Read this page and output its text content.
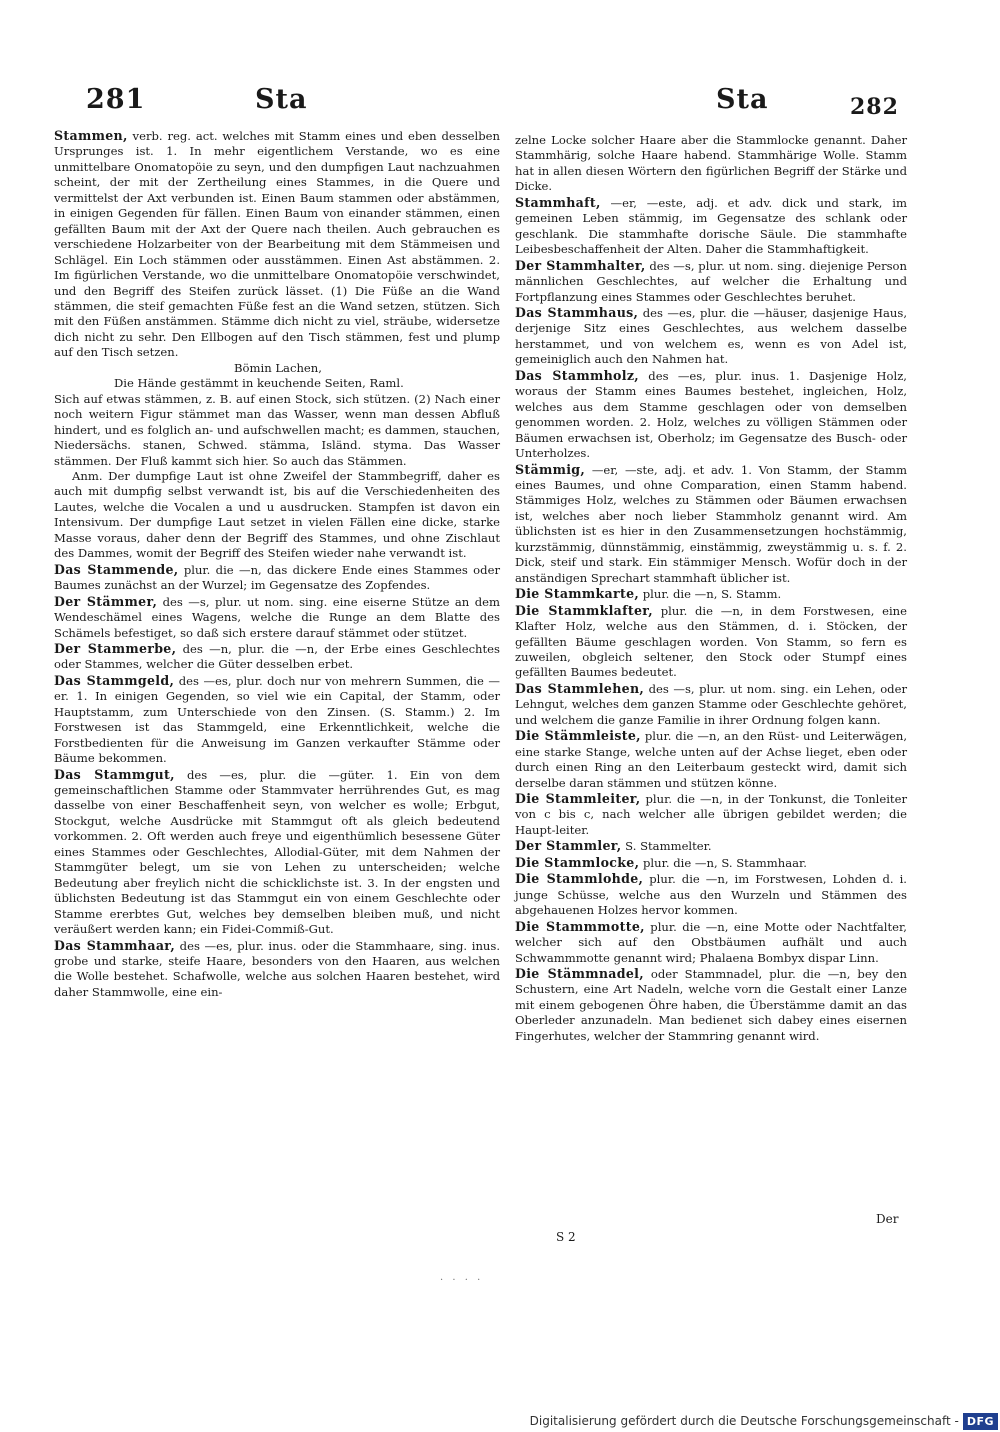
281	Sta	Sta	282

Stammen, verb. reg. act. welches mit Stamm eines und eben desselben Ursprunges ist. 1. In mehr eigentlichem Verstande, wo es eine unmittelbare Onomatopöie zu seyn, und den dumpfigen Laut nachzuahmen scheint, der mit der Zertheilung eines Stammes, in die Quere und vermittelst der Axt verbunden ist. Einen Baum stammen oder abstämmen, in einigen Gegenden für fällen. Einen Baum von einander stämmen, einen gefällten Baum mit der Axt der Quere nach theilen. Auch gebrauchen es verschiedene Holzarbeiter von der Bearbeitung mit dem Stämmeisen und Schlägel. Ein Loch stämmen oder ausstämmen. Einen Ast abstämmen. 2. Im figürlichen Verstande, wo die unmittelbare Onomatopöie verschwindet, und den Begriff des Steifen zurück lässet. (1) Die Füße an die Wand stämmen, die steif gemachten Füße fest an die Wand setzen, stützen. Sich mit den Füßen anstämmen. Stämme dich nicht zu viel, sträube, widersetze dich nicht zu sehr. Den Ellbogen auf den Tisch stämmen, fest und plump auf den Tisch setzen.

Bömin Lachen,

Die Hände gestämmt in keuchende Seiten, Raml.

Sich auf etwas stämmen, z. B. auf einen Stock, sich stützen. (2) Nach einer noch weitern Figur stämmet man das Wasser, wenn man dessen Abfluß hindert, und es folglich an- und aufschwellen macht; es dammen, stauchen, Niedersächs. stanen, Schwed. stämma, Isländ. styma. Das Wasser stämmen. Der Fluß kammt sich hier. So auch das Stämmen.

Anm. Der dumpfige Laut ist ohne Zweifel der Stammbegriff, daher es auch mit dumpfig selbst verwandt ist, bis auf die Verschiedenheiten des Lautes, welche die Vocalen a und u ausdrucken. Stampfen ist davon ein Intensivum. Der dumpfige Laut setzet in vielen Fällen eine dicke, starke Masse voraus, daher denn der Begriff des Stammes, und ohne Zischlaut des Dammes, womit der Begriff des Steifen wieder nahe verwandt ist.

Das Stammende, plur. die —n, das dickere Ende eines Stammes oder Baumes zunächst an der Wurzel; im Gegensatze des Zopfendes.

Der Stämmer, des —s, plur. ut nom. sing. eine eiserne Stütze an dem Wendeschämel eines Wagens, welche die Runge an dem Blatte des Schämels befestiget, so daß sich erstere darauf stämmet oder stützet.

Der Stammerbe, des —n, plur. die —n, der Erbe eines Geschlechtes oder Stammes, welcher die Güter desselben erbet.

Das Stammgeld, des —es, plur. doch nur von mehrern Summen, die —er. 1. In einigen Gegenden, so viel wie ein Capital, der Stamm, oder Hauptstamm, zum Unterschiede von den Zinsen. (S. Stamm.) 2. Im Forstwesen ist das Stammgeld, eine Erkenntlichkeit, welche die Forstbedienten für die Anweisung im Ganzen verkaufter Stämme oder Bäume bekommen.

Das Stammgut, des —es, plur. die —güter. 1. Ein von dem gemeinschaftlichen Stamme oder Stammvater herrührendes Gut, es mag dasselbe von einer Beschaffenheit seyn, von welcher es wolle; Erbgut, Stockgut, welche Ausdrücke mit Stammgut oft als gleich bedeutend vorkommen. 2. Oft werden auch freye und eigenthümlich besessene Güter eines Stammes oder Geschlechtes, Allodial-Güter, mit dem Nahmen der Stammgüter belegt, um sie von Lehen zu unterscheiden; welche Bedeutung aber freylich nicht die schicklichste ist. 3. In der engsten und üblichsten Bedeutung ist das Stammgut ein von einem Geschlechte oder Stamme ererbtes Gut, welches bey demselben bleiben muß, und nicht veräußert werden kann; ein Fidei-Commiß-Gut.

Das Stammhaar, des —es, plur. inus. oder die Stammhaare, sing. inus. grobe und starke, steife Haare, besonders von den Haaren, aus welchen die Wolle bestehet. Schafwolle, welche aus solchen Haaren bestehet, wird daher Stammwolle, eine ein-

zelne Locke solcher Haare aber die Stammlocke genannt. Daher Stammhärig, solche Haare habend. Stammhärige Wolle. Stamm hat in allen diesen Wörtern den figürlichen Begriff der Stärke und Dicke.

Stammhaft, —er, —este, adj. et adv. dick und stark, im gemeinen Leben stämmig, im Gegensatze des schlank oder geschlank. Die stammhafte dorische Säule. Die stammhafte Leibesbeschaffenheit der Alten. Daher die Stammhaftigkeit.

Der Stammhalter, des —s, plur. ut nom. sing. diejenige Person männlichen Geschlechtes, auf welcher die Erhaltung und Fortpflanzung eines Stammes oder Geschlechtes beruhet.

Das Stammhaus, des —es, plur. die —häuser, dasjenige Haus, derjenige Sitz eines Geschlechtes, aus welchem dasselbe herstammet, und von welchem es, wenn es von Adel ist, gemeiniglich auch den Nahmen hat.

Das Stammholz, des —es, plur. inus. 1. Dasjenige Holz, woraus der Stamm eines Baumes bestehet, ingleichen, Holz, welches aus dem Stamme geschlagen oder von demselben genommen worden. 2. Holz, welches zu völligen Stämmen oder Bäumen erwachsen ist, Oberholz; im Gegensatze des Busch- oder Unterholzes.

Stämmig, —er, —ste, adj. et adv. 1. Von Stamm, der Stamm eines Baumes, und ohne Comparation, einen Stamm habend. Stämmiges Holz, welches zu Stämmen oder Bäumen erwachsen ist, welches aber noch lieber Stammholz genannt wird. Am üblichsten ist es hier in den Zusammensetzungen hochstämmig, kurzstämmig, dünnstämmig, einstämmig, zweystämmig u. s. f. 2. Dick, steif und stark. Ein stämmiger Mensch. Wofür doch in der anständigen Sprechart stammhaft üblicher ist.

Die Stammkarte, plur. die —n, S. Stamm.

Die Stammklafter, plur. die —n, in dem Forstwesen, eine Klafter Holz, welche aus den Stämmen, d. i. Stöcken, der gefällten Bäume geschlagen worden. Von Stamm, so fern es zuweilen, obgleich seltener, den Stock oder Stumpf eines gefällten Baumes bedeutet.

Das Stammlehen, des —s, plur. ut nom. sing. ein Lehen, oder Lehngut, welches dem ganzen Stamme oder Geschlechte gehöret, und welchem die ganze Familie in ihrer Ordnung folgen kann.

Die Stämmleiste, plur. die —n, an den Rüst- und Leiterwägen, eine starke Stange, welche unten auf der Achse lieget, eben oder durch einen Ring an den Leiterbaum gesteckt wird, damit sich derselbe daran stämmen und stützen könne.

Die Stammleiter, plur. die —n, in der Tonkunst, die Tonleiter von c bis c, nach welcher alle übrigen gebildet werden; die Haupt-leiter.

Der Stammler, S. Stammelter.

Die Stammlocke, plur. die —n, S. Stammhaar.

Die Stammlohde, plur. die —n, im Forstwesen, Lohden d. i. junge Schüsse, welche aus den Wurzeln und Stämmen des abgehauenen Holzes hervor kommen.

Die Stammmotte, plur. die —n, eine Motte oder Nachtfalter, welcher sich auf den Obstbäumen aufhält und auch Schwammmotte genannt wird; Phalaena Bombyx dispar Linn.

Die Stämmnadel, oder Stammnadel, plur. die —n, bey den Schustern, eine Art Nadeln, welche vorn die Gestalt einer Lanze mit einem gebogenen Öhre haben, die Überstämme damit an das Oberleder anzunadeln. Man bedienet sich dabey eines eisernen Fingerhutes, welcher der Stammring genannt wird.

S 2
Der
· · · ·
Digitalisierung gefördert durch die Deutsche Forschungsgemeinschaft - DFG
